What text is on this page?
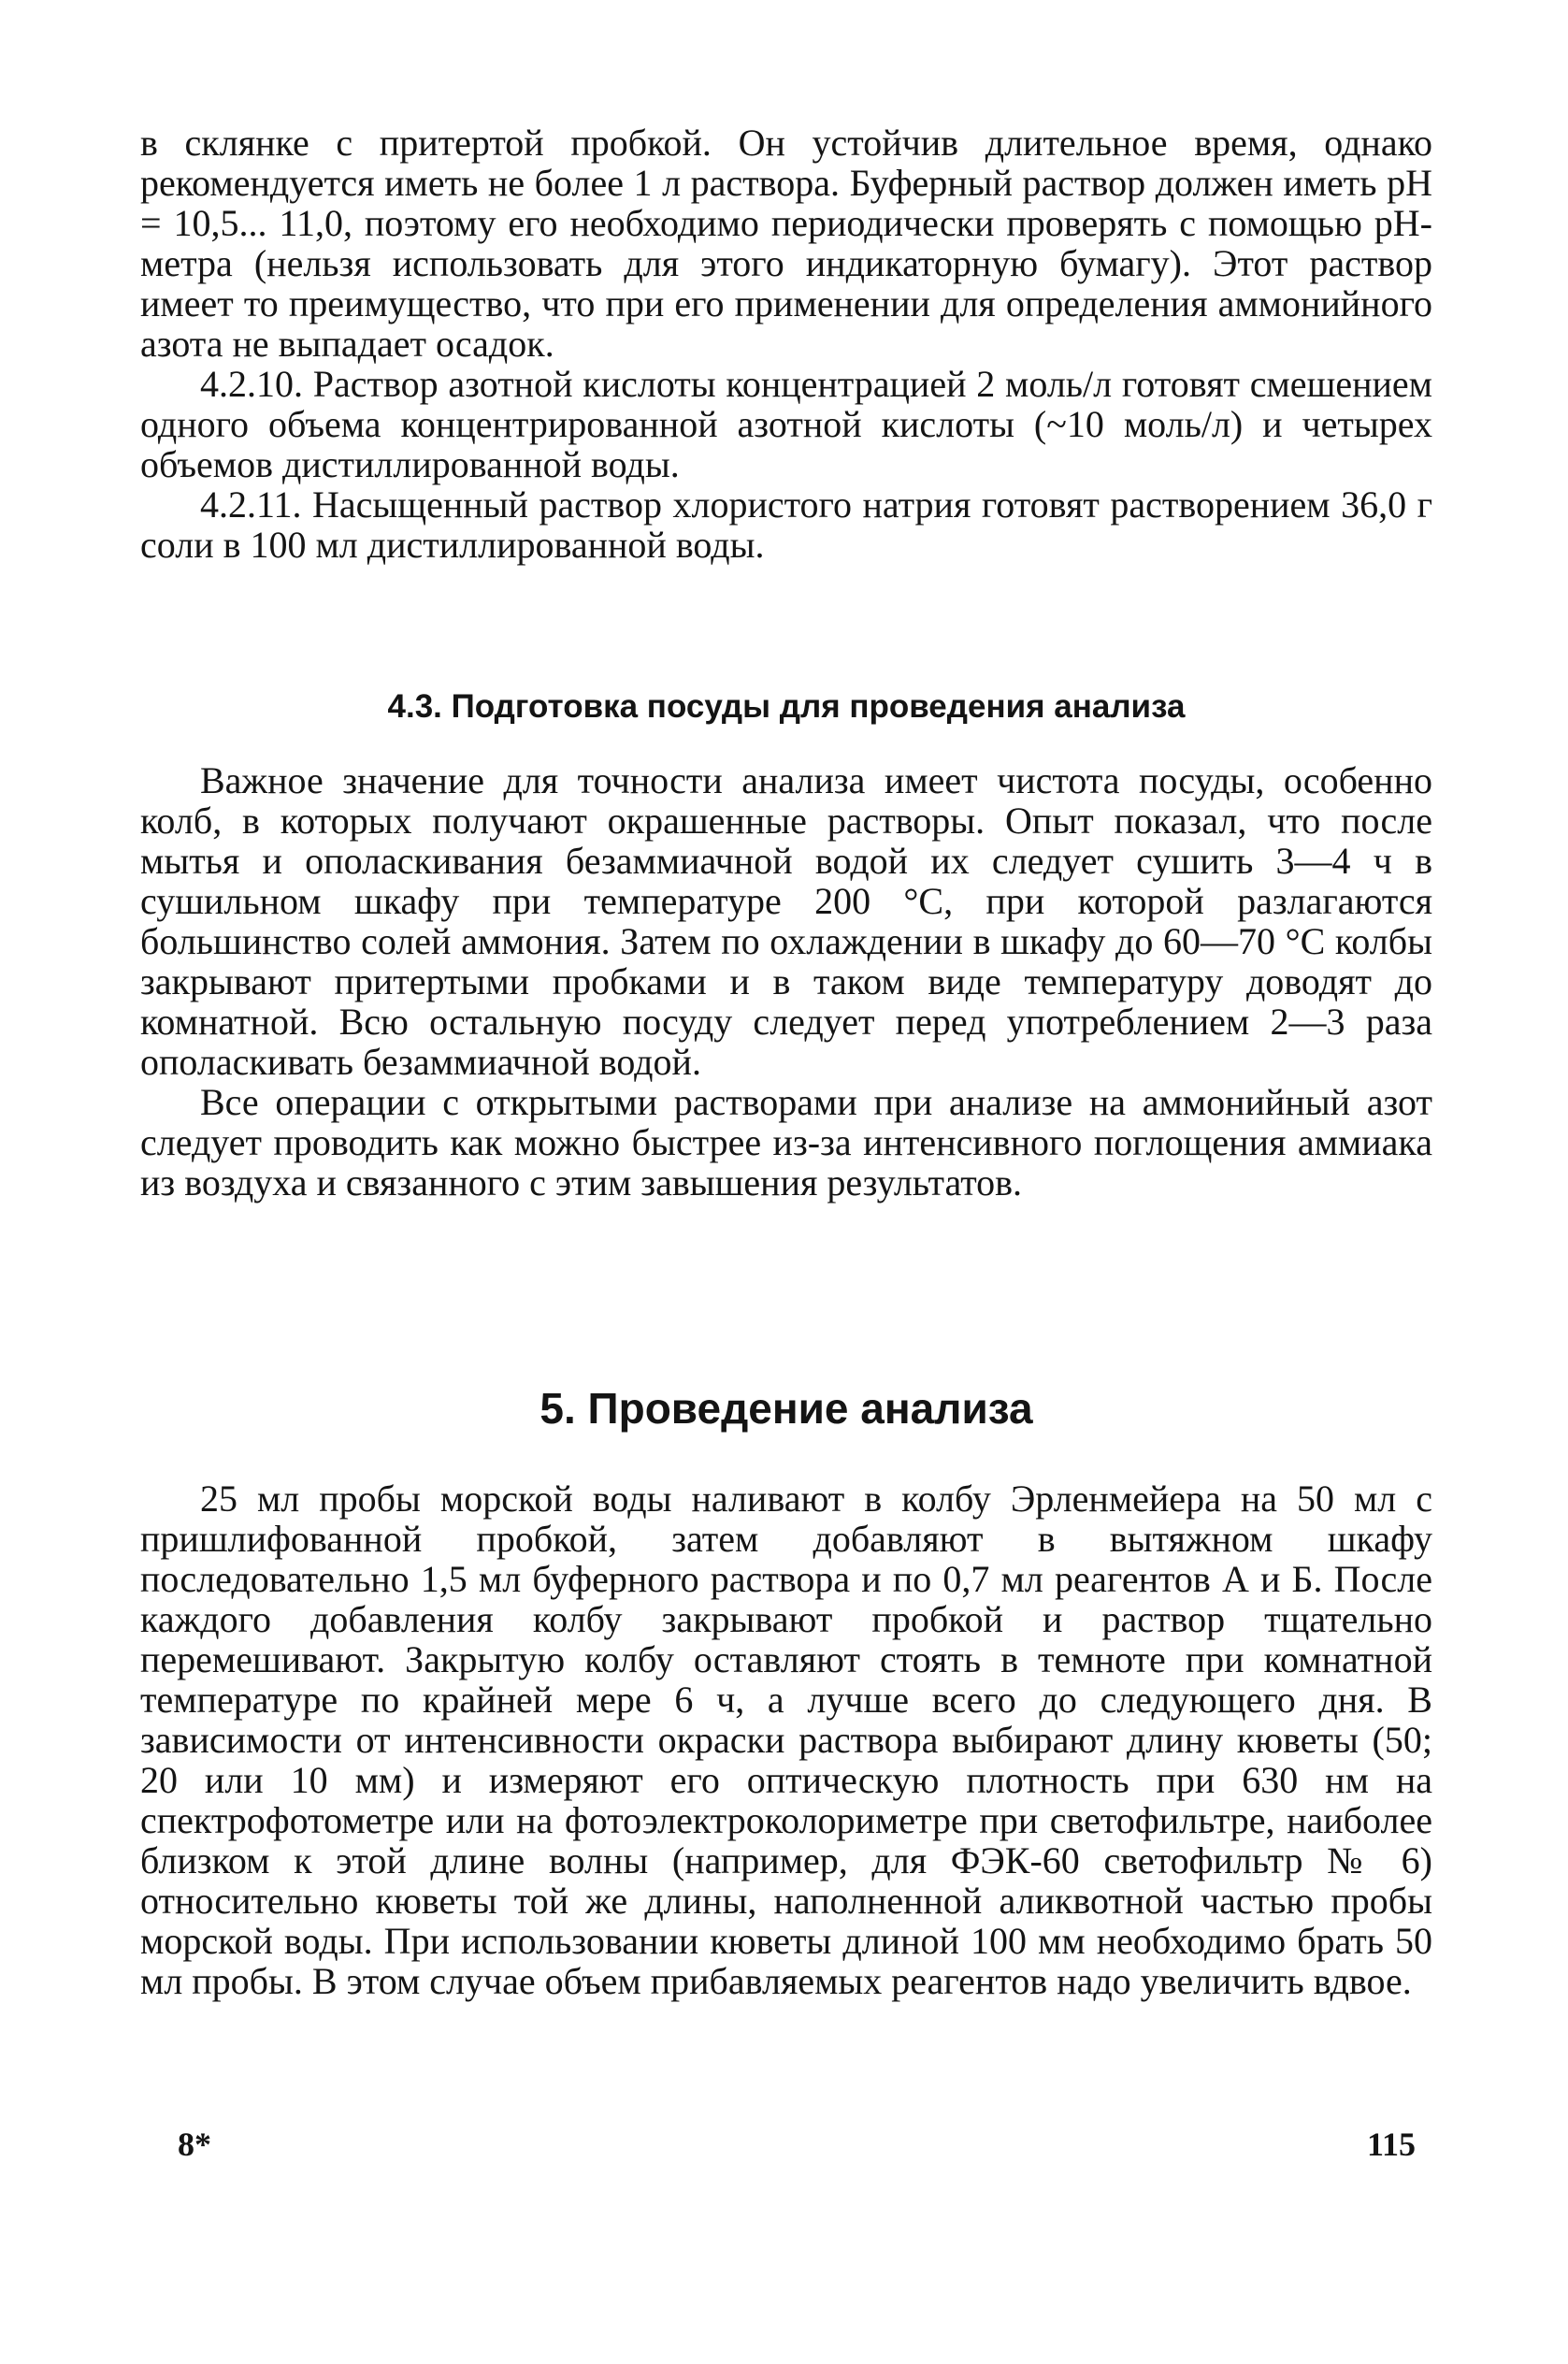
в склянке с притертой пробкой. Он устойчив длительное время, однако рекомендуется иметь не более 1 л раствора. Буферный раствор должен иметь рН = 10,5... 11,0, поэтому его необходимо периодически проверять с помощью рН-метра (нельзя использовать для этого индикаторную бумагу). Этот раствор имеет то преимущество, что при его применении для определения аммонийного азота не выпадает осадок.

4.2.10. Раствор азотной кислоты концентрацией 2 моль/л готовят смешением одного объема концентрированной азотной кислоты (~10 моль/л) и четырех объемов дистиллированной воды.

4.2.11. Насыщенный раствор хлористого натрия готовят растворением 36,0 г соли в 100 мл дистиллированной воды.

4.3. Подготовка посуды для проведения анализа

Важное значение для точности анализа имеет чистота посуды, особенно колб, в которых получают окрашенные растворы. Опыт показал, что после мытья и ополаскивания безаммиачной водой их следует сушить 3—4 ч в сушильном шкафу при температуре 200 °С, при которой разлагаются большинство солей аммония. Затем по охлаждении в шкафу до 60—70 °С колбы закрывают притертыми пробками и в таком виде температуру доводят до комнатной. Всю остальную посуду следует перед употреблением 2—3 раза ополаскивать безаммиачной водой.

Все операции с открытыми растворами при анализе на аммонийный азот следует проводить как можно быстрее из-за интенсивного поглощения аммиака из воздуха и связанного с этим завышения результатов.

5. Проведение анализа

25 мл пробы морской воды наливают в колбу Эрленмейера на 50 мл с пришлифованной пробкой, затем добавляют в вытяжном шкафу последовательно 1,5 мл буферного раствора и по 0,7 мл реагентов А и Б. После каждого добавления колбу закрывают пробкой и раствор тщательно перемешивают. Закрытую колбу оставляют стоять в темноте при комнатной температуре по крайней мере 6 ч, а лучше всего до следующего дня. В зависимости от интенсивности окраски раствора выбирают длину кюветы (50; 20 или 10 мм) и измеряют его оптическую плотность при 630 нм на спектрофотометре или на фотоэлектроколориметре при светофильтре, наиболее близком к этой длине волны (например, для ФЭК-60 светофильтр № 6) относительно кюветы той же длины, наполненной аликвотной частью пробы морской воды. При использовании кюветы длиной 100 мм необходимо брать 50 мл пробы. В этом случае объем прибавляемых реагентов надо увеличить вдвое.

8*	115
